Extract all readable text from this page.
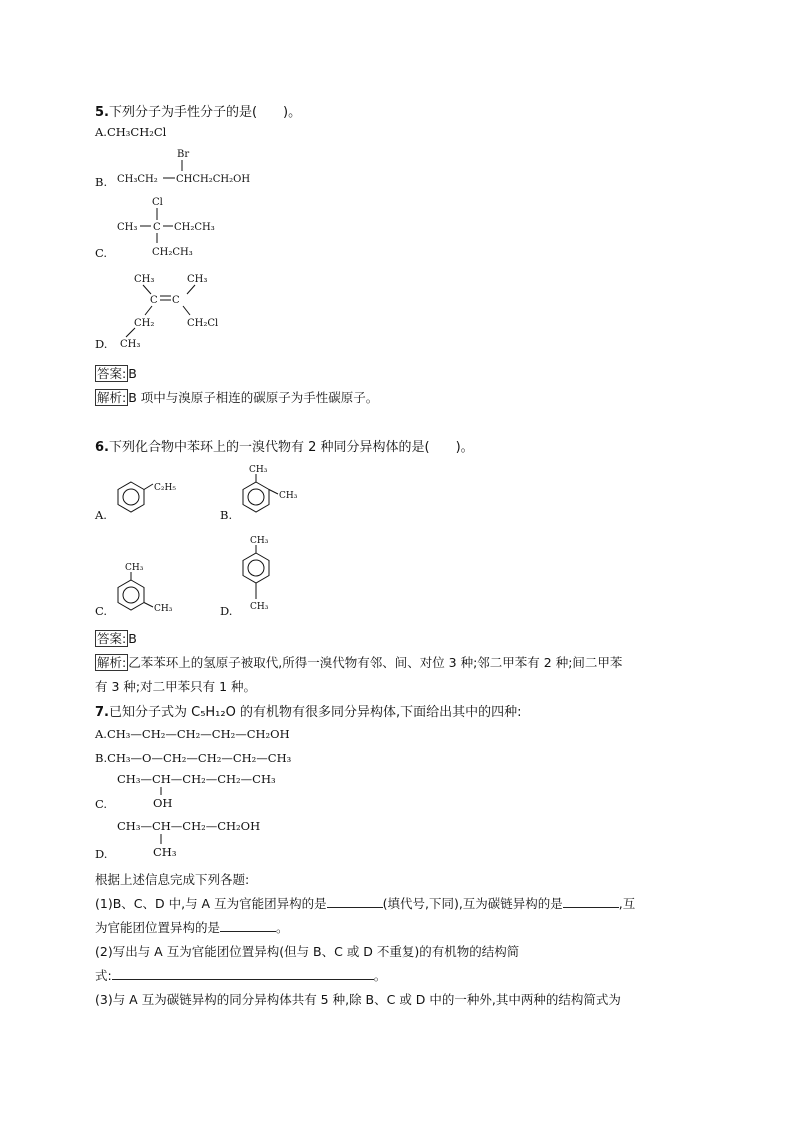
5.下列分子为手性分子的是(　　)。
A.CH₃CH₂Cl
B.
Br
CH₃CH₂ CHCH₂CH₂OH
Cl
CH₃ C CH₂CH₃
CH₂CH₃
C.
CH₃	CH₃
C C
CH₂	CH₂Cl
CH₃
D.
答案: B
解析: B 项中与溴原子相连的碳原子为手性碳原子。
6.下列化合物中苯环上的一溴代物有 2 种同分异构体的是(　　)。
A.
C₂H₅
B.
CH₃
CH₃
CH₃
CH₃
C.	D.
CH₃
CH₃
答案: B
解析: 乙苯苯环上的氢原子被取代,所得一溴代物有邻、间、对位 3 种;邻二甲苯有 2 种;间二甲苯
有 3 种;对二甲苯只有 1 种。
7.已知分子式为 C₅H₁₂O 的有机物有很多同分异构体,下面给出其中的四种:
A.CH₃—CH₂—CH₂—CH₂—CH₂OH
B.CH₃—O—CH₂—CH₂—CH₂—CH₃
CH₃—CH—CH₂—CH₂—CH₃
OH
C.
CH₃—CH—CH₂—CH₂OH
D.	CH₃
根据上述信息完成下列各题:
(1)B、C、D 中,与 A 互为官能团异构的是	(填代号,下同),互为碳链异构的是	,互
为官能团位置异构的是	。
(2)写出与 A 互为官能团位置异构(但与 B、C 或 D 不重复)的有机物的结构简
式:	。
(3)与 A 互为碳链异构的同分异构体共有 5 种,除 B、C 或 D 中的一种外,其中两种的结构简式为
